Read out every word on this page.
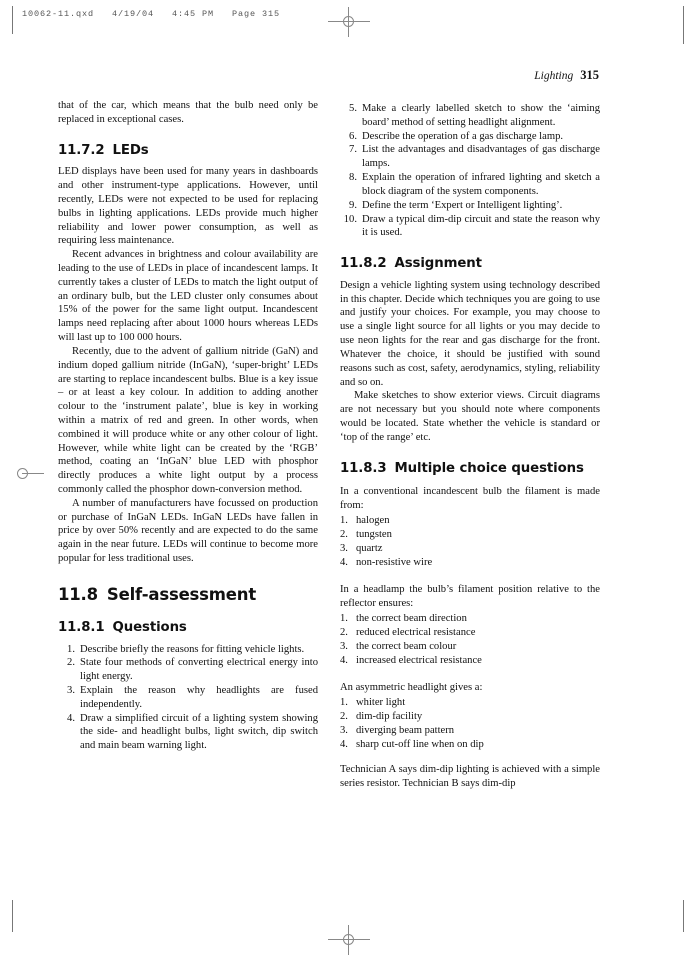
10062-11.qxd   4/19/04   4:45 PM   Page 315
Lighting 315

that of the car, which means that the bulb need only be replaced in exceptional cases.

11.7.2 LEDs

LED displays have been used for many years in dashboards and other instrument-type applications. However, until recently, LEDs were not expected to be used for replacing bulbs in lighting applications. LEDs provide much higher reliability and lower power consumption, as well as requiring less maintenance.

Recent advances in brightness and colour availability are leading to the use of LEDs in place of incandescent lamps. It currently takes a cluster of LEDs to match the light output of an ordinary bulb, but the LED cluster only consumes about 15% of the power for the same light output. Incandescent lamps need replacing after about 1000 hours whereas LEDs will last up to 100 000 hours.

Recently, due to the advent of gallium nitride (GaN) and indium doped gallium nitride (InGaN), ‘super-bright’ LEDs are starting to replace incandescent bulbs. Blue is a key issue – or at least a key colour. In addition to adding another colour to the ‘instrument palate’, blue is key in working within a matrix of red and green. In other words, when combined it will produce white or any other colour of light. However, while white light can be created by the ‘RGB’ method, coating an ‘InGaN’ blue LED with phosphor directly produces a white light output by a process commonly called the phosphor down-conversion method.

A number of manufacturers have focussed on production or purchase of InGaN LEDs. InGaN LEDs have fallen in price by over 50% recently and are expected to do the same again in the near future. LEDs will continue to become more popular for less traditional uses.

11.8 Self-assessment
11.8.1 Questions
Describe briefly the reasons for fitting vehicle lights.
State four methods of converting electrical energy into light energy.
Explain the reason why headlights are fused independently.
Draw a simplified circuit of a lighting system showing the side- and headlight bulbs, light switch, dip switch and main beam warning light.
Make a clearly labelled sketch to show the ‘aiming board’ method of setting headlight alignment.
Describe the operation of a gas discharge lamp.
List the advantages and disadvantages of gas discharge lamps.
Explain the operation of infrared lighting and sketch a block diagram of the system components.
Define the term ‘Expert or Intelligent lighting’.
Draw a typical dim-dip circuit and state the reason why it is used.
11.8.2 Assignment

Design a vehicle lighting system using technology described in this chapter. Decide which techniques you are going to use and justify your choices. For example, you may choose to use a single light source for all lights or you may decide to use neon lights for the rear and gas discharge for the front. Whatever the choice, it should be justified with sound reasons such as cost, safety, aerodynamics, styling, reliability and so on.

Make sketches to show exterior views. Circuit diagrams are not necessary but you should note where components would be located. State whether the vehicle is standard or ‘top of the range’ etc.

11.8.3 Multiple choice questions

In a conventional incandescent bulb the filament is made from:

halogen
tungsten
quartz
non-resistive wire

In a headlamp the bulb’s filament position relative to the reflector ensures:

the correct beam direction
reduced electrical resistance
the correct beam colour
increased electrical resistance

An asymmetric headlight gives a:

whiter light
dim-dip facility
diverging beam pattern
sharp cut-off line when on dip

Technician A says dim-dip lighting is achieved with a simple series resistor. Technician B says dim-dip
